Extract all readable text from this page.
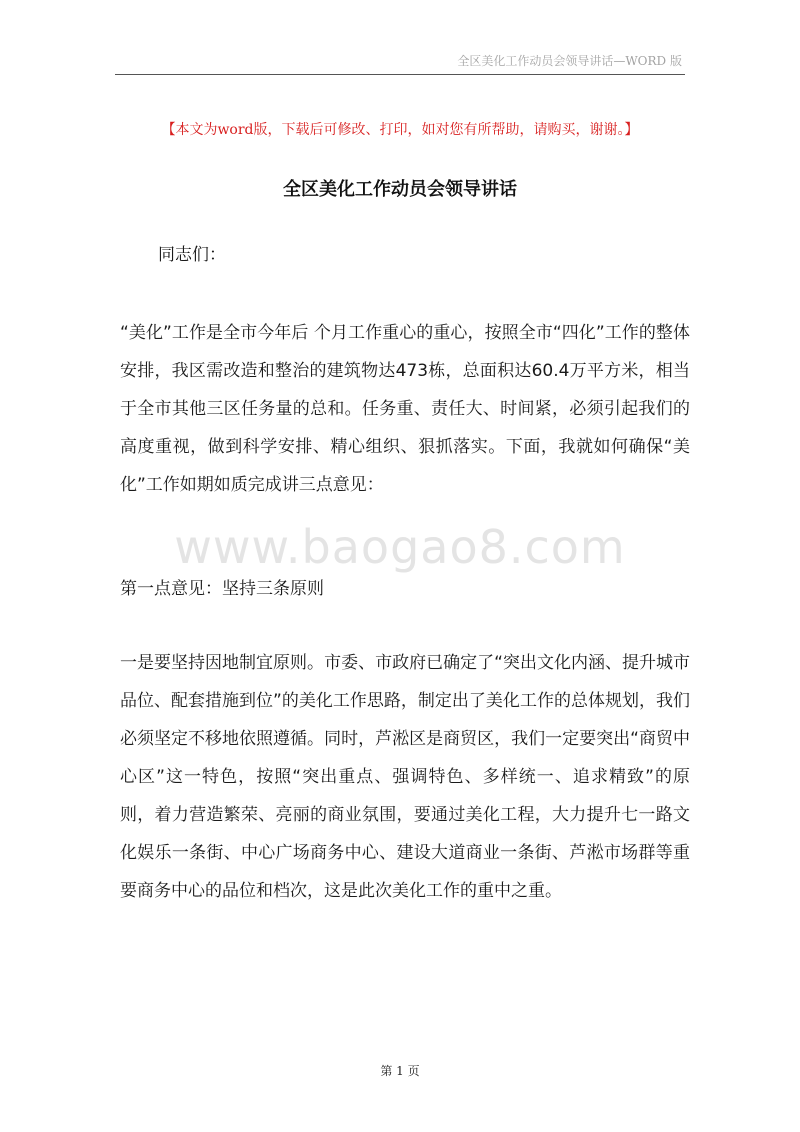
全区美化工作动员会领导讲话—WORD 版
【本文为word版，下载后可修改、打印，如对您有所帮助，请购买，谢谢。】
全区美化工作动员会领导讲话
www.baogao8.com
同志们：
“美化”工作是全市今年后 个月工作重心的重心，按照全市“四化”工作的整体安排，我区需改造和整治的建筑物达473栋，总面积达60.4万平方米，相当于全市其他三区任务量的总和。任务重、责任大、时间紧，必须引起我们的高度重视，做到科学安排、精心组织、狠抓落实。下面，我就如何确保“美化”工作如期如质完成讲三点意见：
第一点意见：坚持三条原则
一是要坚持因地制宜原则。市委、市政府已确定了“突出文化内涵、提升城市品位、配套措施到位”的美化工作思路，制定出了美化工作的总体规划，我们必须坚定不移地依照遵循。同时，芦淞区是商贸区，我们一定要突出“商贸中心区”这一特色，按照“突出重点、强调特色、多样统一、追求精致”的原则，着力营造繁荣、亮丽的商业氛围，要通过美化工程，大力提升七一路文化娱乐一条街、中心广场商务中心、建设大道商业一条街、芦淞市场群等重要商务中心的品位和档次，这是此次美化工作的重中之重。
第 1 页
